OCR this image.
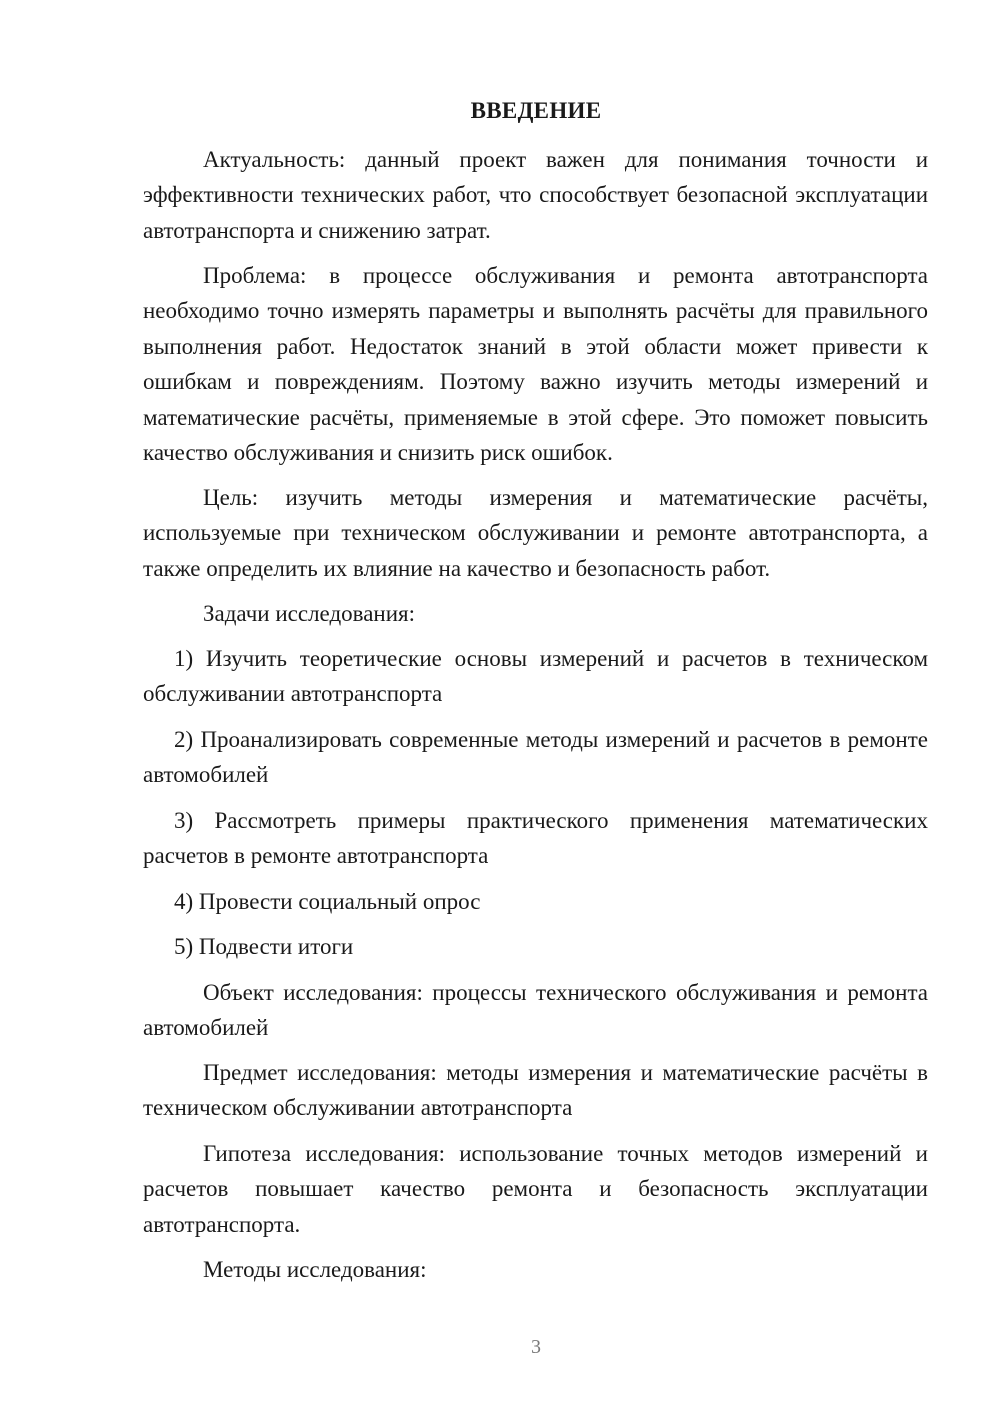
ВВЕДЕНИЕ

Актуальность: данный проект важен для понимания точности и эффективности технических работ, что способствует безопасной эксплуатации автотранспорта и снижению затрат.

Проблема: в процессе обслуживания и ремонта автотранспорта необходимо точно измерять параметры и выполнять расчёты для правильного выполнения работ. Недостаток знаний в этой области может привести к ошибкам и повреждениям. Поэтому важно изучить методы измерений и математические расчёты, применяемые в этой сфере. Это поможет повысить качество обслуживания и снизить риск ошибок.

Цель: изучить методы измерения и математические расчёты, используемые при техническом обслуживании и ремонте автотранспорта, а также определить их влияние на качество и безопасность работ.

Задачи исследования:

1) Изучить теоретические основы измерений и расчетов в техническом обслуживании автотранспорта

2) Проанализировать современные методы измерений и расчетов в ремонте автомобилей

3) Рассмотреть примеры практического применения математических расчетов в ремонте автотранспорта

4) Провести социальный опрос

5) Подвести итоги

Объект исследования: процессы технического обслуживания и ремонта автомобилей

Предмет исследования: методы измерения и математические расчёты в техническом обслуживании автотранспорта

Гипотеза исследования: использование точных методов измерений и расчетов повышает качество ремонта и безопасность эксплуатации автотранспорта.

Методы исследования:

3
